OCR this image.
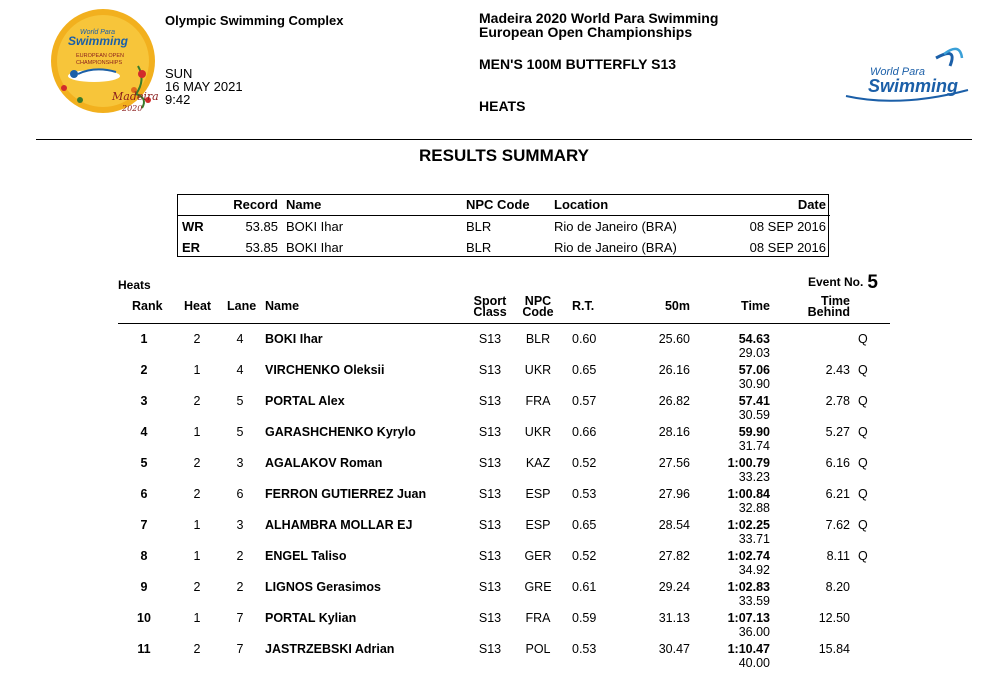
World Para
Swimming
EUROPEAN OPEN
CHAMPIONSHIPS
Madeira
2020
Olympic Swimming Complex
SUN
16 MAY 2021
9:42
Madeira 2020 World Para Swimming
European Open Championships
MEN'S 100M BUTTERFLY S13
HEATS
World Para
Swimming
RESULTS SUMMARY
	Record	Name	NPC Code	Location	Date
WR	53.85	BOKI Ihar	BLR	Rio de Janeiro (BRA)	08 SEP 2016
ER	53.85	BOKI Ihar	BLR	Rio de Janeiro (BRA)	08 SEP 2016
Heats	Event No. 5
Rank Heat Lane Name	Sport
Class
NPC
Code R.T.	50m	Time	Time
Behind
1	2	4	BOKI Ihar	S13	BLR	0.60	25.60	54.63	Q
29.03
2	1	4	VIRCHENKO Oleksii	S13	UKR	0.65	26.16	57.06	2.43 Q
30.90
3	2	5	PORTAL Alex	S13	FRA	0.57	26.82	57.41	2.78 Q
30.59
4	1	5	GARASHCHENKO Kyrylo	S13	UKR	0.66	28.16	59.90	5.27 Q
31.74
5	2	3	AGALAKOV Roman	S13	KAZ	0.52	27.56	1:00.79	6.16 Q
33.23
6	2	6	FERRON GUTIERREZ Juan	S13	ESP	0.53	27.96	1:00.84	6.21 Q
32.88
7	1	3	ALHAMBRA MOLLAR EJ	S13	ESP	0.65	28.54	1:02.25	7.62 Q
33.71
8	1	2	ENGEL Taliso	S13	GER 0.52	27.82	1:02.74	8.11 Q
34.92
9	2	2	LIGNOS Gerasimos	S13	GRE 0.61	29.24	1:02.83	8.20
33.59
10	1	7	PORTAL Kylian	S13	FRA	0.59	31.13	1:07.13	12.50
36.00
11	2	7	JASTRZEBSKI Adrian	S13	POL	0.53	30.47	1:10.47	15.84
40.00
